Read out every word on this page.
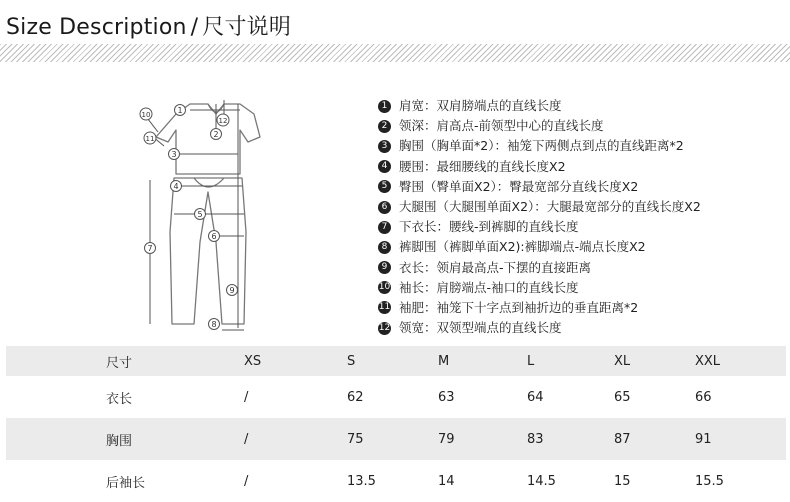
Size Description / 尺寸说明
1
2
3
4
5
6
7
8
9
10
11
12
1 肩宽：双肩膀端点的直线长度
2 领深：肩高点-前领型中心的直线长度
3 胸围（胸单面*2）：袖笼下两侧点到点的直线距离*2
4 腰围：最细腰线的直线长度X2
5 臀围（臀单面X2）：臀最宽部分直线长度X2
6 大腿围（大腿围单面X2）：大腿最宽部分的直线长度X2
7 下衣长：腰线-到裤脚的直线长度
8 裤脚围（裤脚单面X2):裤脚端点-端点长度X2
9 衣长：领肩最高点-下摆的直接距离
10 袖长：肩膀端点-袖口的直线长度
11 袖肥：袖笼下十字点到袖折边的垂直距离*2
12 领宽：双领型端点的直线长度
尺寸	XS	S	M	L	XL	XXL
衣长	/	62	63	64	65	66
胸围	/	75	79	83	87	91
后袖长	/	13.5	14	14.5	15	15.5
